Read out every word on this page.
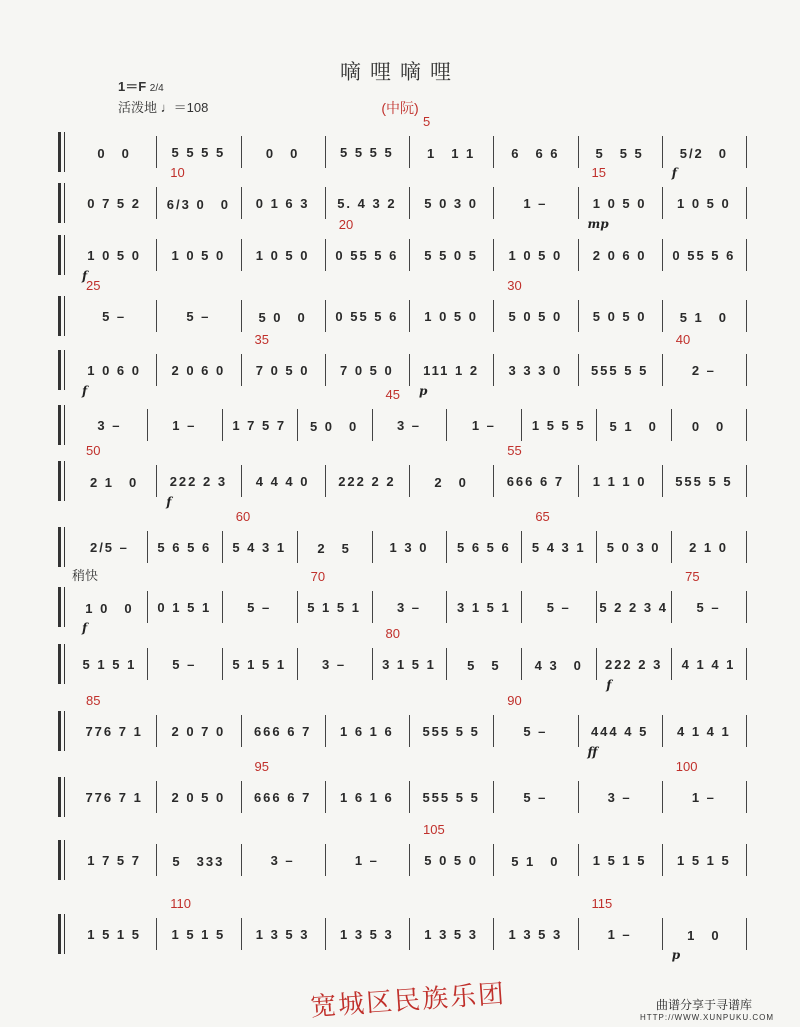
嘀哩嘀哩
1＝F 2/4
活泼地 ♩＝108	(中阮)
0　0	5 5 5 5	0　0	5 5 5 5	1　1 1	6　6 6	5　5 5	5/2　0
5
f
0 7 5 2	6/3 0　0	0 1 6 3	5. 4 3 2	5 0 3 0	1 –	1 0 5 0	1 0 5 0
10	15
mp
1 0 5 0	1 0 5 0	1 0 5 0	0 55 5 6	5 5 0 5	1 0 5 0	2 0 6 0	0 55 5 6
20
f
5 –	5 –	5 0　0	0 55 5 6	1 0 5 0	5 0 5 0	5 0 5 0	5 1　0
25	30
1 0 6 0	2 0 6 0	7 0 5 0	7 0 5 0	111 1 2	3 3 3 0	555 5 5	2 –
35	40
f	p
3 –	1 –	1 7 5 7	5 0　0	3 –	1 –	1 5 5 5	5 1　0	0　0
45
2 1　0	222 2 3	4 4 4 0	222 2 2	2　0	666 6 7	1 1 1 0	555 5 5
50	55
f
2/5 –	5 6 5 6	5 4 3 1	2　5	1 3 0	5 6 5 6	5 4 3 1	5 0 3 0	2 1 0
60	65
1 0　0	0 1 5 1	5 –	5 1 5 1	3 –	3 1 5 1	5 –	5 2 2 3 4	5 –
70	75
f
5 1 5 1	5 –	5 1 5 1	3 –	3 1 5 1	5　5	4 3　0	222 2 3	4 1 4 1
80
f
776 7 1	2 0 7 0	666 6 7	1 6 1 6	555 5 5	5 –	444 4 5	4 1 4 1
85	90
ff
776 7 1	2 0 5 0	666 6 7	1 6 1 6	555 5 5	5 –	3 –	1 –
95	100
1 7 5 7	5　333	3 –	1 –	5 0 5 0	5 1　0	1 5 1 5	1 5 1 5
105
1 5 1 5	1 5 1 5	1 3 5 3	1 3 5 3	1 3 5 3	1 3 5 3	1 –	1　0
110	115
p
稍快
宽城区民族乐团	曲谱分享于寻谱库
HTTP://WWW.XUNPUKU.COM
